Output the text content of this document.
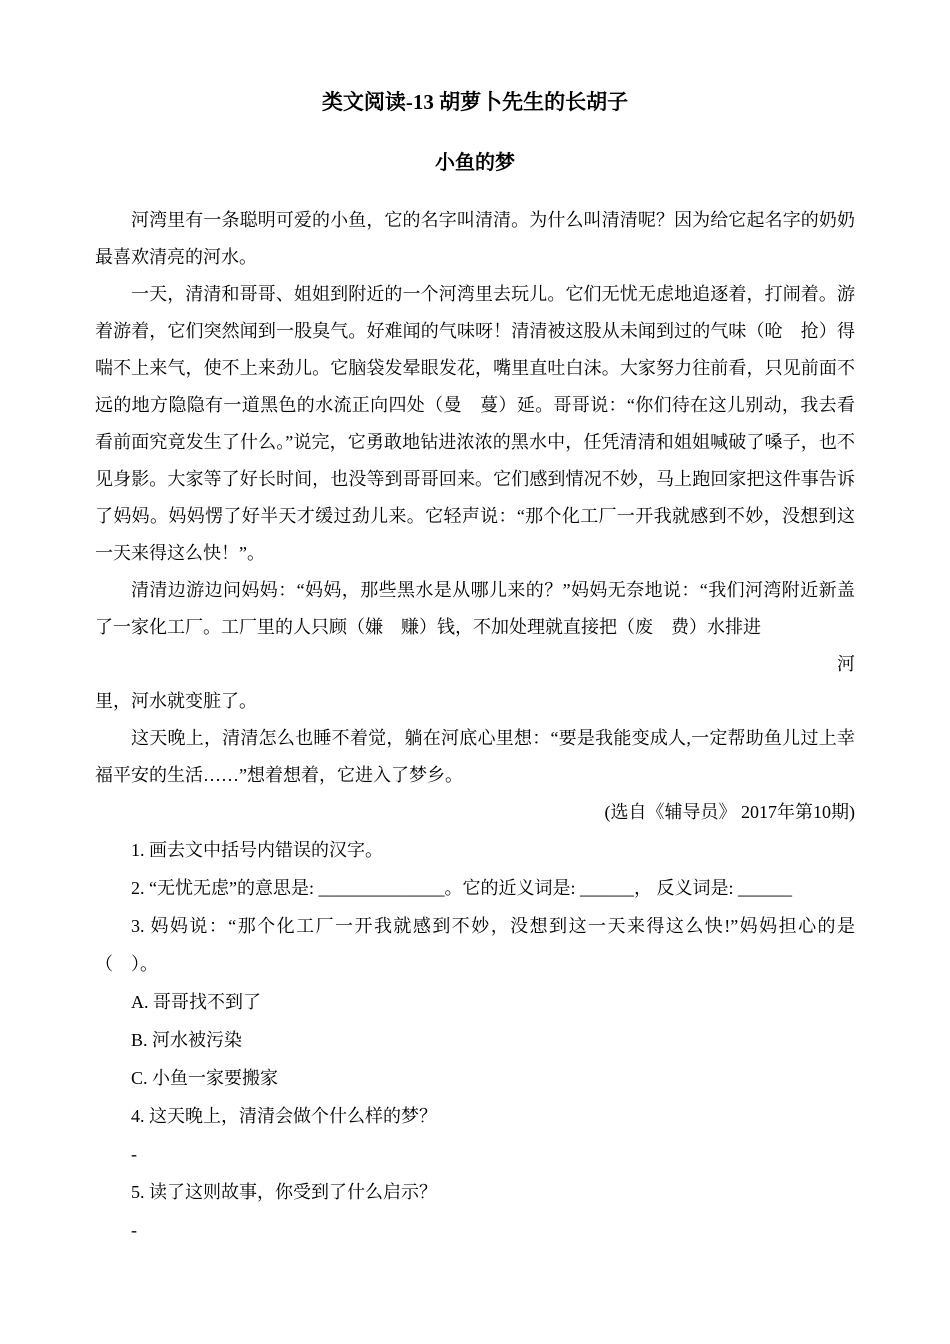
类文阅读-13 胡萝卜先生的长胡子
小鱼的梦

河湾里有一条聪明可爱的小鱼，它的名字叫清清。为什么叫清清呢？因为给它起名字的奶奶最喜欢清亮的河水。

一天，清清和哥哥、姐姐到附近的一个河湾里去玩儿。它们无忧无虑地追逐着，打闹着。游着游着，它们突然闻到一股臭气。好难闻的气味呀！清清被这股从未闻到过的气味（呛　抢）得喘不上来气，使不上来劲儿。它脑袋发晕眼发花，嘴里直吐白沫。大家努力往前看，只见前面不远的地方隐隐有一道黑色的水流正向四处（曼　蔓）延。哥哥说：“你们待在这儿别动，我去看看前面究竟发生了什么。”说完，它勇敢地钻进浓浓的黑水中，任凭清清和姐姐喊破了嗓子，也不见身影。大家等了好长时间，也没等到哥哥回来。它们感到情况不妙，马上跑回家把这件事告诉了妈妈。妈妈愣了好半天才缓过劲儿来。它轻声说：“那个化工厂一开我就感到不妙，没想到这一天来得这么快！”。

清清边游边问妈妈：“妈妈，那些黑水是从哪儿来的？”妈妈无奈地说：“我们河湾附近新盖了一家化工厂。工厂里的人只顾（嫌　赚）钱，不加处理就直接把（废　费）水排进

河

里，河水就变脏了。

这天晚上，清清怎么也睡不着觉，躺在河底心里想：“要是我能变成人,一定帮助鱼儿过上幸福平安的生活……”想着想着，它进入了梦乡。

(选自《辅导员》 2017年第10期)

1. 画去文中括号内错误的汉字。

2. “无忧无虑”的意思是: ______________。它的近义词是: ______， 反义词是: ______

3. 妈妈说：“那个化工厂一开我就感到不妙，没想到这一天来得这么快!”妈妈担心的是（　）。

A. 哥哥找不到了

B. 河水被污染

C. 小鱼一家要搬家

4. 这天晚上，清清会做个什么样的梦？

-

5. 读了这则故事，你受到了什么启示？

-
